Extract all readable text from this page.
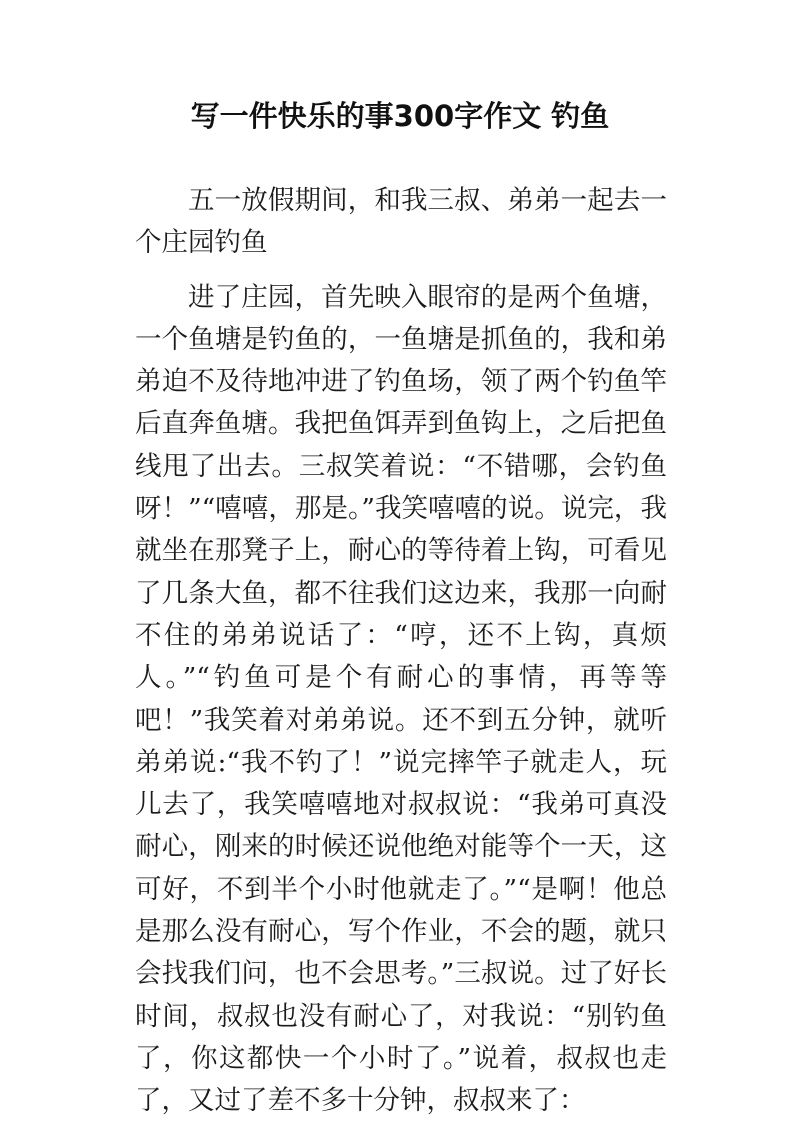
写一件快乐的事300字作文 钓鱼

五一放假期间，和我三叔、弟弟一起去一个庄园钓鱼

进了庄园，首先映入眼帘的是两个鱼塘，一个鱼塘是钓鱼的，一鱼塘是抓鱼的，我和弟弟迫不及待地冲进了钓鱼场，领了两个钓鱼竿后直奔鱼塘。我把鱼饵弄到鱼钩上，之后把鱼线甩了出去。三叔笑着说：“不错哪，会钓鱼呀！”“嘻嘻，那是。”我笑嘻嘻的说。说完，我就坐在那凳子上，耐心的等待着上钩，可看见了几条大鱼，都不往我们这边来，我那一向耐不住的弟弟说话了：“哼，还不上钩，真烦人。”“钓鱼可是个有耐心的事情，再等等吧！”我笑着对弟弟说。还不到五分钟，就听弟弟说:“我不钓了！”说完摔竿子就走人，玩儿去了，我笑嘻嘻地对叔叔说：“我弟可真没耐心，刚来的时候还说他绝对能等个一天，这可好，不到半个小时他就走了。”“是啊！他总是那么没有耐心，写个作业，不会的题，就只会找我们问，也不会思考。”三叔说。过了好长时间，叔叔也没有耐心了，对我说：“别钓鱼了，你这都快一个小时了。”说着，叔叔也走了，又过了差不多十分钟，叔叔来了：
